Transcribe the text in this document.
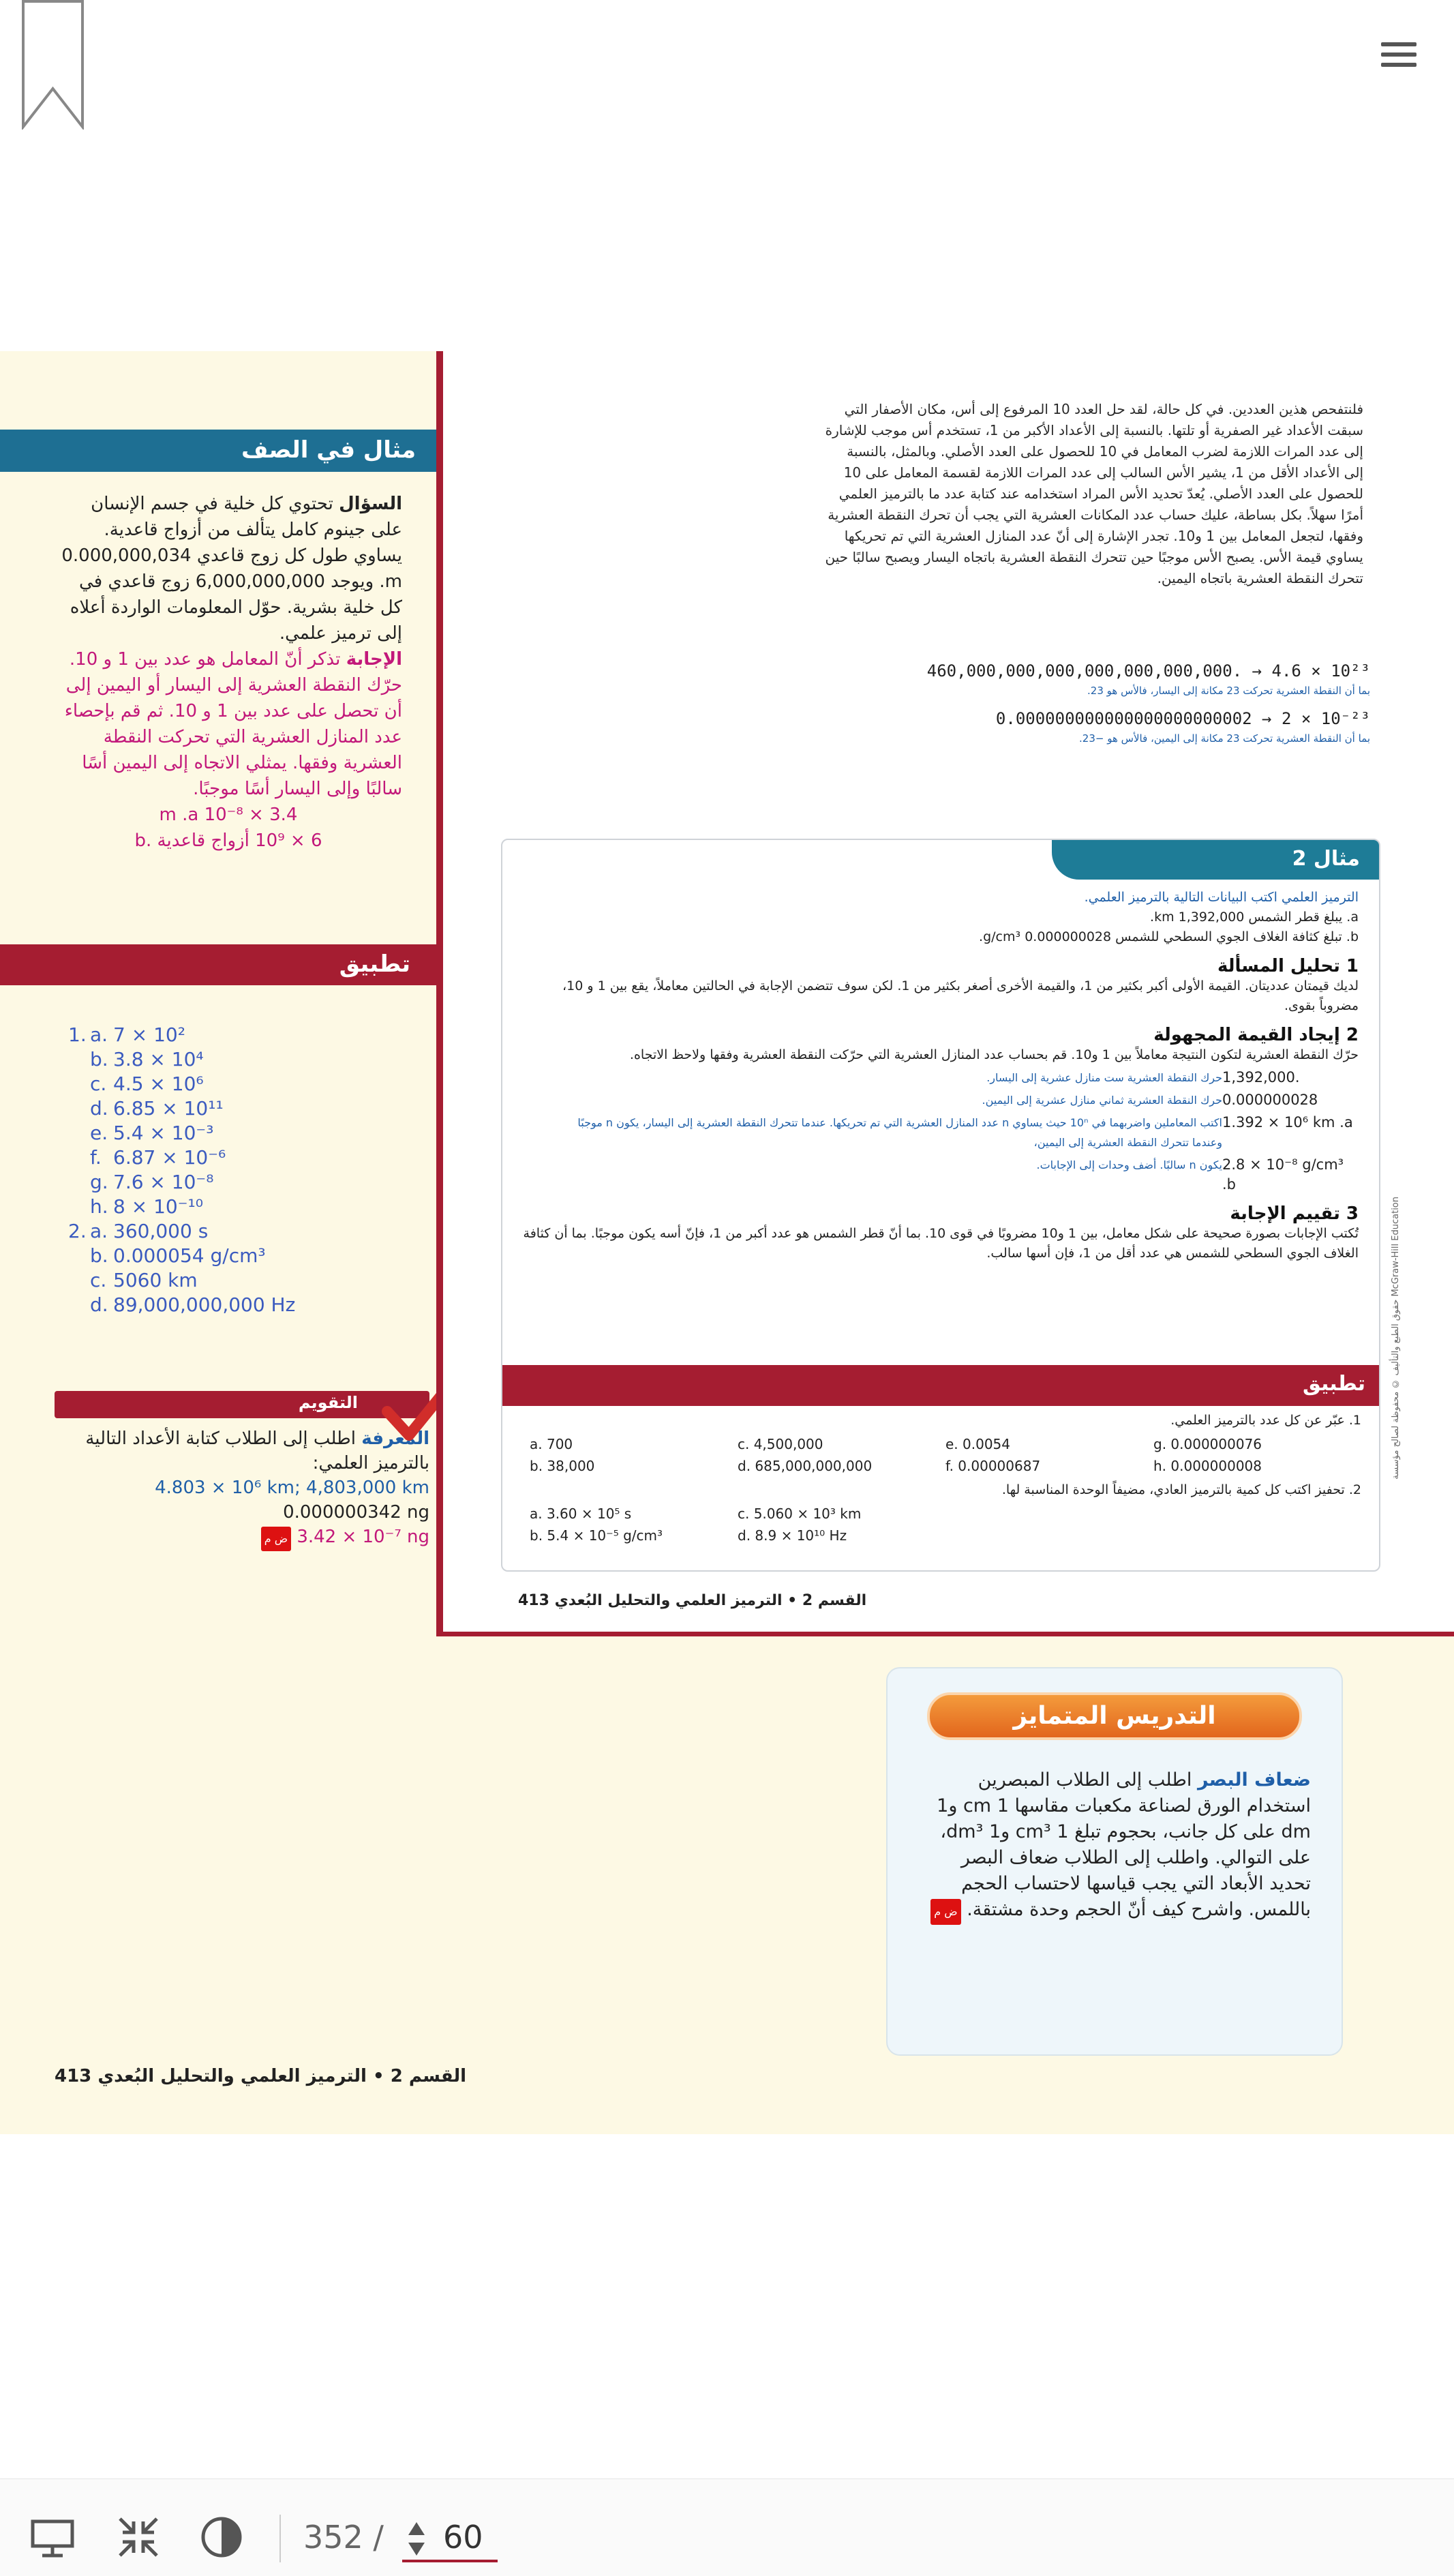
مثال في الصف

السؤال تحتوي كل خلية في جسم الإنسان على جينوم كامل يتألف من أزواج قاعدية. يساوي طول كل زوج قاعدي 0.000,000,034 m. ويوجد 6,000,000,000 زوج قاعدي في كل خلية بشرية. حوّل المعلومات الواردة أعلاه إلى ترميز علمي.

الإجابة تذكر أنّ المعامل هو عدد بين 1 و 10. حرّك النقطة العشرية إلى اليسار أو اليمين إلى أن تحصل على عدد بين 1 و 10. ثم قم بإحصاء عدد المنازل العشرية التي تحركت النقطة العشرية وفقها. يمثلي الاتجاه إلى اليمين أسًا سالبًا وإلى اليسار أسًا موجبًا.

3.4 × 10⁻⁸ m .a

6 × 10⁹ أزواج قاعدية .b

تطبيق
1. a. 7 × 10²
b. 3.8 × 10⁴
c. 4.5 × 10⁶
d. 6.85 × 10¹¹
e. 5.4 × 10⁻³
f. 6.87 × 10⁻⁶
g. 7.6 × 10⁻⁸
h. 8 × 10⁻¹⁰
2. a. 360,000 s
b. 0.000054 g/cm³
c. 5060 km
d. 89,000,000,000 Hz
التقويم
المعرفة اطلب إلى الطلاب كتابة الأعداد التالية بالترميز العلمي:
4.803 × 10⁶ km; 4,803,000 km
0.000000342 ng
ض م 3.42 × 10⁻⁷ ng
القسم 2 • الترميز العلمي والتحليل البُعدي 413
فلنتفحص هذين العددين. في كل حالة، لقد حل العدد 10 المرفوع إلى أس، مكان الأصفار التي سبقت الأعداد غير الصفرية أو تلتها. بالنسبة إلى الأعداد الأكبر من 1، تستخدم أس موجب للإشارة إلى عدد المرات اللازمة لضرب المعامل في 10 للحصول على العدد الأصلي. وبالمثل، بالنسبة إلى الأعداد الأقل من 1، يشير الأس السالب إلى عدد المرات اللازمة لقسمة المعامل على 10 للحصول على العدد الأصلي. يُعدّ تحديد الأس المراد استخدامه عند كتابة عدد ما بالترميز العلمي أمرًا سهلاً. بكل بساطة، عليك حساب عدد المكانات العشرية التي يجب أن تحرك النقطة العشرية وفقها، لتجعل المعامل بين 1 و10. تجدر الإشارة إلى أنّ عدد المنازل العشرية التي تم تحريكها يساوي قيمة الأس. يصبح الأس موجبًا حين تتحرك النقطة العشرية باتجاه اليسار ويصبح سالبًا حين تتحرك النقطة العشرية باتجاه اليمين.
460,000,000,000,000,000,000,000. → 4.6 × 10²³
بما أن النقطة العشرية تحركت 23 مكانة إلى اليسار، فالأس هو 23.
0.000000000000000000000002 → 2 × 10⁻²³
بما أن النقطة العشرية تحركت 23 مكانة إلى اليمين، فالأس هو −23.
مثال 2

الترميز العلمي اكتب البيانات التالية بالترميز العلمي.

a. يبلغ قطر الشمس 1,392,000 km.

b. تبلغ كثافة الغلاف الجوي السطحي للشمس 0.000000028 g/cm³.

1 تحليل المسألة

لديك قيمتان عدديتان. القيمة الأولى أكبر بكثير من 1، والقيمة الأخرى أصغر بكثير من 1. لكن سوف تتضمن الإجابة في الحالتين معاملاً، يقع بين 1 و 10، مضروباً بقوى.

2 إيجاد القيمة المجهولة

حرّك النقطة العشرية لتكون النتيجة معاملاً بين 1 و10. قم بحساب عدد المنازل العشرية التي حرّكت النقطة العشرية وفقها ولاحظ الاتجاه.

حرك النقطة العشرية ست منازل عشرية إلى اليسار. 1,392,000.
حرك النقطة العشرية ثماني منازل عشرية إلى اليمين. 0.000000028
اكتب المعاملين واضربهما في 10ⁿ حيث يساوي n عدد المنازل العشرية التي تم تحريكها. عندما تتحرك النقطة العشرية إلى اليسار، يكون n موجبًا وعندما تتحرك النقطة العشرية إلى اليمين،
1.392 × 10⁶ km .a
يكون n سالبًا. أضف وحدات إلى الإجابات. 2.8 × 10⁻⁸ g/cm³ .b

3 تقييم الإجابة

تُكتب الإجابات بصورة صحيحة على شكل معامل، بين 1 و10 مضروبًا في قوى 10. بما أنّ قطر الشمس هو عدد أكبر من 1، فإنّ أسه يكون موجبًا. بما أن كثافة الغلاف الجوي السطحي للشمس هي عدد أقل من 1، فإن أسها سالب.

تطبيق

1. عبّر عن كل عدد بالترميز العلمي.

a. 700	c. 4,500,000	e. 0.0054	g. 0.000000076
b. 38,000	d. 685,000,000,000	f. 0.00000687	h. 0.000000008

2. تحفيز اكتب كل كمية بالترميز العادي، مضيفاً الوحدة المناسبة لها.

a. 3.60 × 10⁵ s	c. 5.060 × 10³ km
b. 5.4 × 10⁻⁵ g/cm³	d. 8.9 × 10¹⁰ Hz
القسم 2 • الترميز العلمي والتحليل البُعدي 413
حقوق الطبع والتأليف © محفوظة لصالح مؤسسة McGraw-Hill Education
التدريس المتمايز
ضعاف البصر اطلب إلى الطلاب المبصرين استخدام الورق لصناعة مكعبات مقاسها 1 cm و1 dm على كل جانب، بحجوم تبلغ 1 cm³ و1 dm³، على التوالي. واطلب إلى الطلاب ضعاف البصر تحديد الأبعاد التي يجب قياسها لاحتساب الحجم باللمس. واشرح كيف أنّ الحجم وحدة مشتقة. ض م
352 /
60
